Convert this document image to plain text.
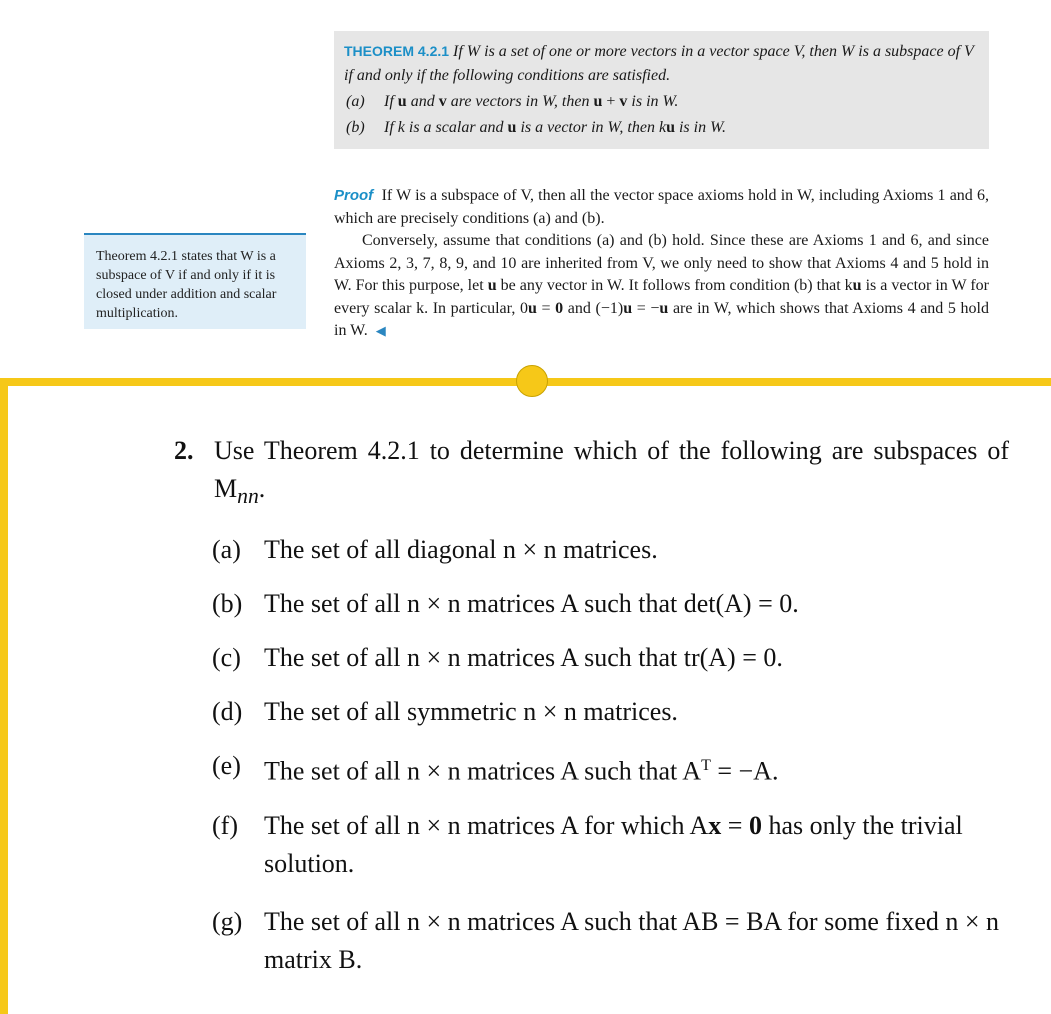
THEOREM 4.2.1 If W is a set of one or more vectors in a vector space V, then W is a subspace of V if and only if the following conditions are satisfied.
(a)	If u and v are vectors in W, then u + v is in W.
(b)	If k is a scalar and u is a vector in W, then ku is in W.
Theorem 4.2.1 states that W is a subspace of V if and only if it is closed under addition and scalar multiplication.

Proof If W is a subspace of V, then all the vector space axioms hold in W, including Axioms 1 and 6, which are precisely conditions (a) and (b).

Conversely, assume that conditions (a) and (b) hold. Since these are Axioms 1 and 6, and since Axioms 2, 3, 7, 8, 9, and 10 are inherited from V, we only need to show that Axioms 4 and 5 hold in W. For this purpose, let u be any vector in W. It follows from condition (b) that ku is a vector in W for every scalar k. In particular, 0u = 0 and (−1)u = −u are in W, which shows that Axioms 4 and 5 hold in W. ◀

2. Use Theorem 4.2.1 to determine which of the following are subspaces of $M_{nn}$.
(a) The set of all diagonal n × n matrices.
(b) The set of all n × n matrices A such that det(A) = 0.
(c) The set of all n × n matrices A such that tr(A) = 0.
(d) The set of all symmetric n × n matrices.
(e) The set of all n × n matrices A such that $A^T = -A$.
(f)	The set of all n × n matrices A for which Ax = 0 has only the trivial solution.
(g) The set of all n × n matrices A such that AB = BA for some fixed n × n matrix B.
